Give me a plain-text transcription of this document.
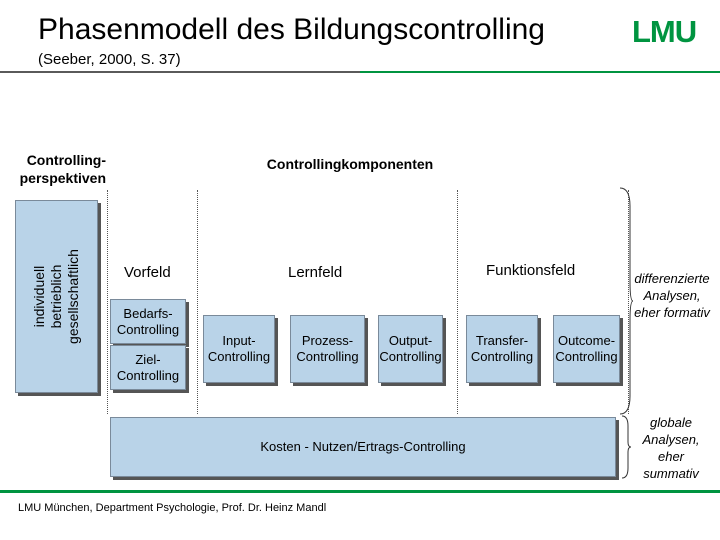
Phasenmodell des Bildungscontrolling
(Seeber, 2000, S. 37)
LMU
Controlling-
perspektiven
Controllingkomponenten
individuell betrieblich gesellschaftlich	Vorfeld	Lernfeld	Funktionsfeld
Bedarfs-
Controlling
Ziel-
Controlling
Input-
Controlling
Prozess-
Controlling
Output-
Controlling
Transfer-
Controlling
Outcome-
Controlling
Kosten - Nutzen/Ertrags-Controlling
differenzierte
Analysen,
eher formativ
globale
Analysen,
eher
summativ
LMU München, Department Psychologie, Prof. Dr. Heinz Mandl
